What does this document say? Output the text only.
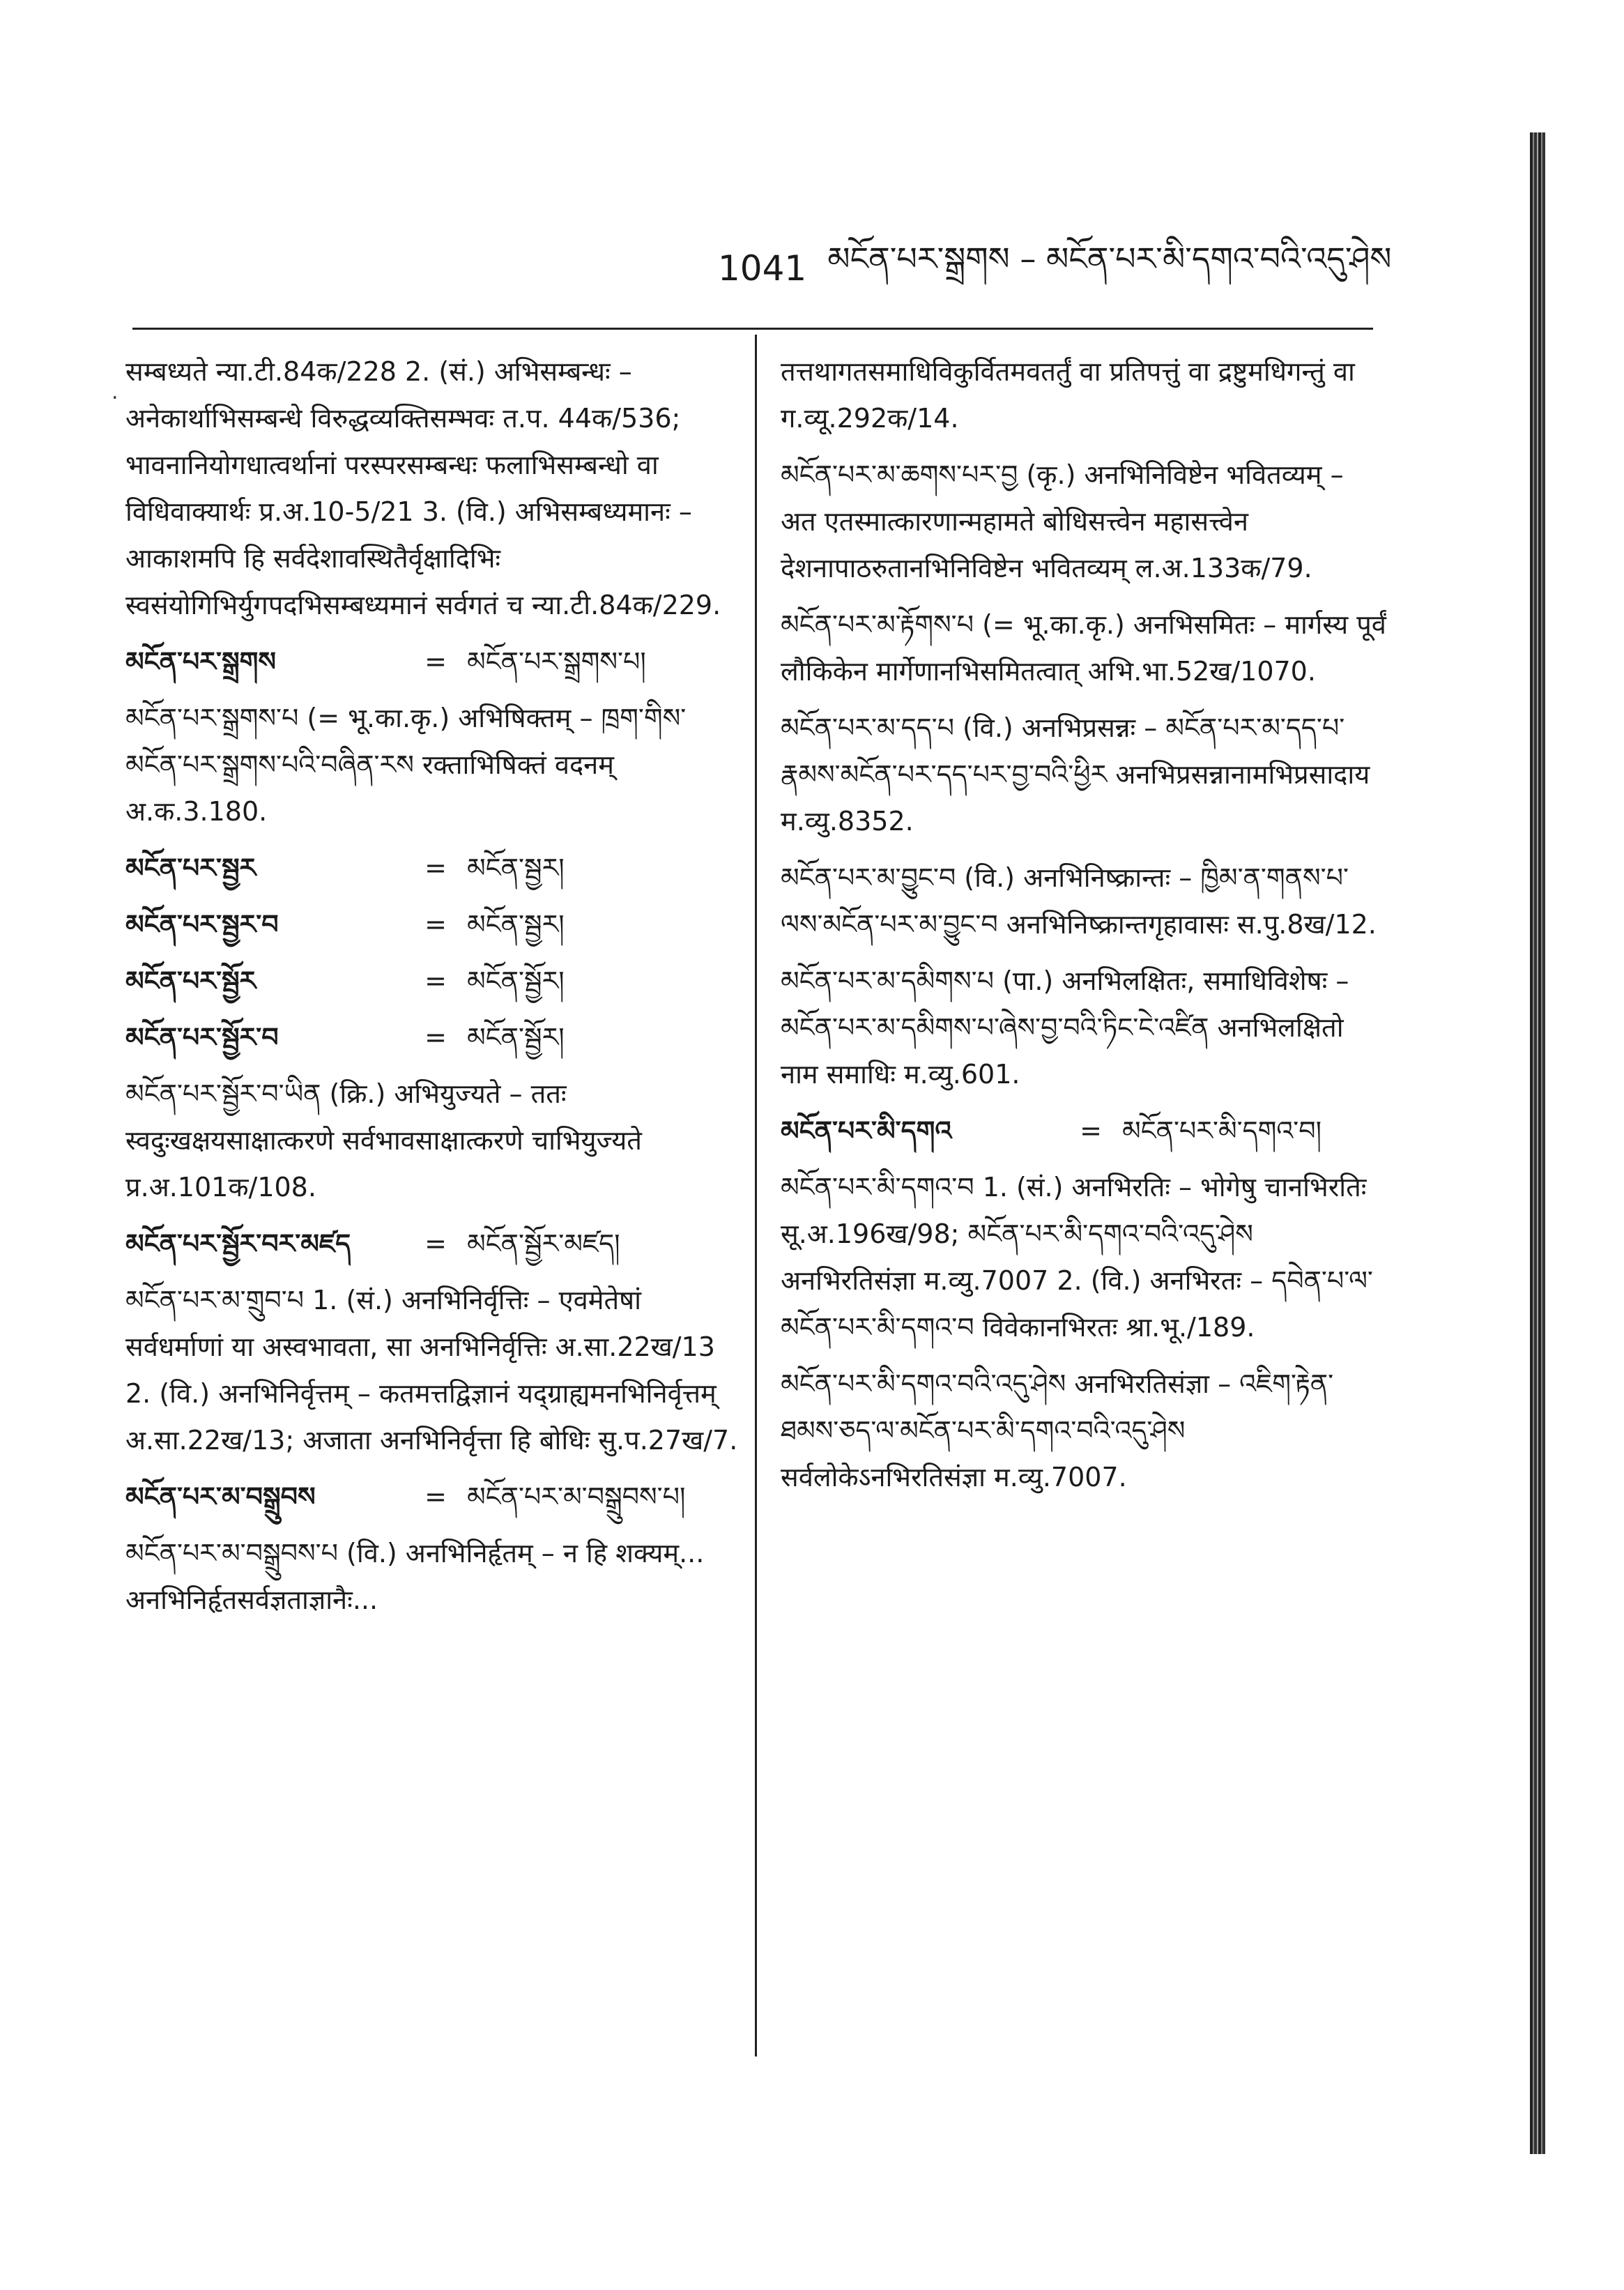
1041 མངོན་པར་སྒྲགས – མངོན་པར་མི་དགའ་བའི་འདུ་ཤེས
.
सम्बध्यते न्या.टी.84क/228 2. (सं.) अभिसम्बन्धः – अनेकार्थाभिसम्बन्धे विरुद्धव्यक्तिसम्भवः त.प. 44क/536; भावनानियोगधात्वर्थानां परस्परसम्बन्धः फलाभिसम्बन्धो वा विधिवाक्यार्थः प्र.अ.10-5/21 3. (वि.) अभिसम्बध्यमानः – आकाशमपि हि सर्वदेशावस्थितैर्वृक्षादिभिः स्वसंयोगिभिर्युगपदभिसम्बध्यमानं सर्वगतं च न्या.टी.84क/229.
མངོན་པར་སྒྲགས	= མངོན་པར་སྒྲགས་པ།
མངོན་པར་སྒྲགས་པ (= भू.का.कृ.) अभिषिक्तम् – ཁྲག་གིས་མངོན་པར་སྒྲགས་པའི་བཞིན་རས रक्ताभिषिक्तं वदनम् अ.क.3.180.
མངོན་པར་སྦྱར	= མངོན་སྦྱར།
མངོན་པར་སྦྱར་བ	= མངོན་སྦྱར།
མངོན་པར་སྦྱོར	= མངོན་སྦྱོར།
མངོན་པར་སྦྱོར་བ	= མངོན་སྦྱོར།
མངོན་པར་སྦྱོར་བ་ཡིན (क्रि.) अभियुज्यते – ततः स्वदुःखक्षयसाक्षात्करणे सर्वभावसाक्षात्करणे चाभियुज्यते प्र.अ.101क/108.
མངོན་པར་སྦྱོར་བར་མཛད	= མངོན་སྦྱོར་མཛད།
མངོན་པར་མ་གྲུབ་པ 1. (सं.) अनभिनिर्वृत्तिः – एवमेतेषां सर्वधर्माणां या अस्वभावता, सा अनभिनिर्वृत्तिः अ.सा.22ख/13 2. (वि.) अनभिनिर्वृत्तम् – कतमत्तद्विज्ञानं यद्ग्राह्यमनभिनिर्वृत्तम् अ.सा.22ख/13; अजाता अनभिनिर्वृत्ता हि बोधिः सु.प.27ख/7.
མངོན་པར་མ་བསྒྲུབས	= མངོན་པར་མ་བསྒྲུབས་པ།
མངོན་པར་མ་བསྒྲུབས་པ (वि.) अनभिनिर्हृतम् – न हि शक्यम्... अनभिनिर्हृतसर्वज्ञताज्ञानैः...
तत्तथागतसमाधिविकुर्वितमवतर्तुं वा प्रतिपत्तुं वा द्रष्टुमधिगन्तुं वा ग.व्यू.292क/14.
མངོན་པར་མ་ཆགས་པར་བྱ (कृ.) अनभिनिविष्टेन भवितव्यम् – अत एतस्मात्कारणान्महामते बोधिसत्त्वेन महासत्त्वेन देशनापाठरुतानभिनिविष्टेन भवितव्यम् ल.अ.133क/79.
མངོན་པར་མ་རྟོགས་པ (= भू.का.कृ.) अनभिसमितः – मार्गस्य पूर्वं लौकिकेन मार्गेणानभिसमितत्वात् अभि.भा.52ख/1070.
མངོན་པར་མ་དད་པ (वि.) अनभिप्रसन्नः – མངོན་པར་མ་དད་པ་རྣམས་མངོན་པར་དད་པར་བྱ་བའི་ཕྱིར अनभिप्रसन्नानामभिप्रसादाय म.व्यु.8352.
མངོན་པར་མ་བྱུང་བ (वि.) अनभिनिष्क्रान्तः – ཁྱིམ་ན་གནས་པ་ལས་མངོན་པར་མ་བྱུང་བ अनभिनिष्क्रान्तगृहावासः स.पु.8ख/12.
མངོན་པར་མ་དམིགས་པ (पा.) अनभिलक्षितः, समाधिविशेषः – མངོན་པར་མ་དམིགས་པ་ཞེས་བྱ་བའི་ཏིང་ངེ་འཛིན अनभिलक्षितो नाम समाधिः म.व्यु.601.
མངོན་པར་མི་དགའ	= མངོན་པར་མི་དགའ་བ།
མངོན་པར་མི་དགའ་བ 1. (सं.) अनभिरतिः – भोगेषु चानभिरतिः सू.अ.196ख/98; མངོན་པར་མི་དགའ་བའི་འདུ་ཤེས अनभिरतिसंज्ञा म.व्यु.7007 2. (वि.) अनभिरतः – དབེན་པ་ལ་མངོན་པར་མི་དགའ་བ विवेकानभिरतः श्रा.भू./189.
མངོན་པར་མི་དགའ་བའི་འདུ་ཤེས अनभिरतिसंज्ञा – འཇིག་རྟེན་ཐམས་ཅད་ལ་མངོན་པར་མི་དགའ་བའི་འདུ་ཤེས सर्वलोकेऽनभिरतिसंज्ञा म.व्यु.7007.
